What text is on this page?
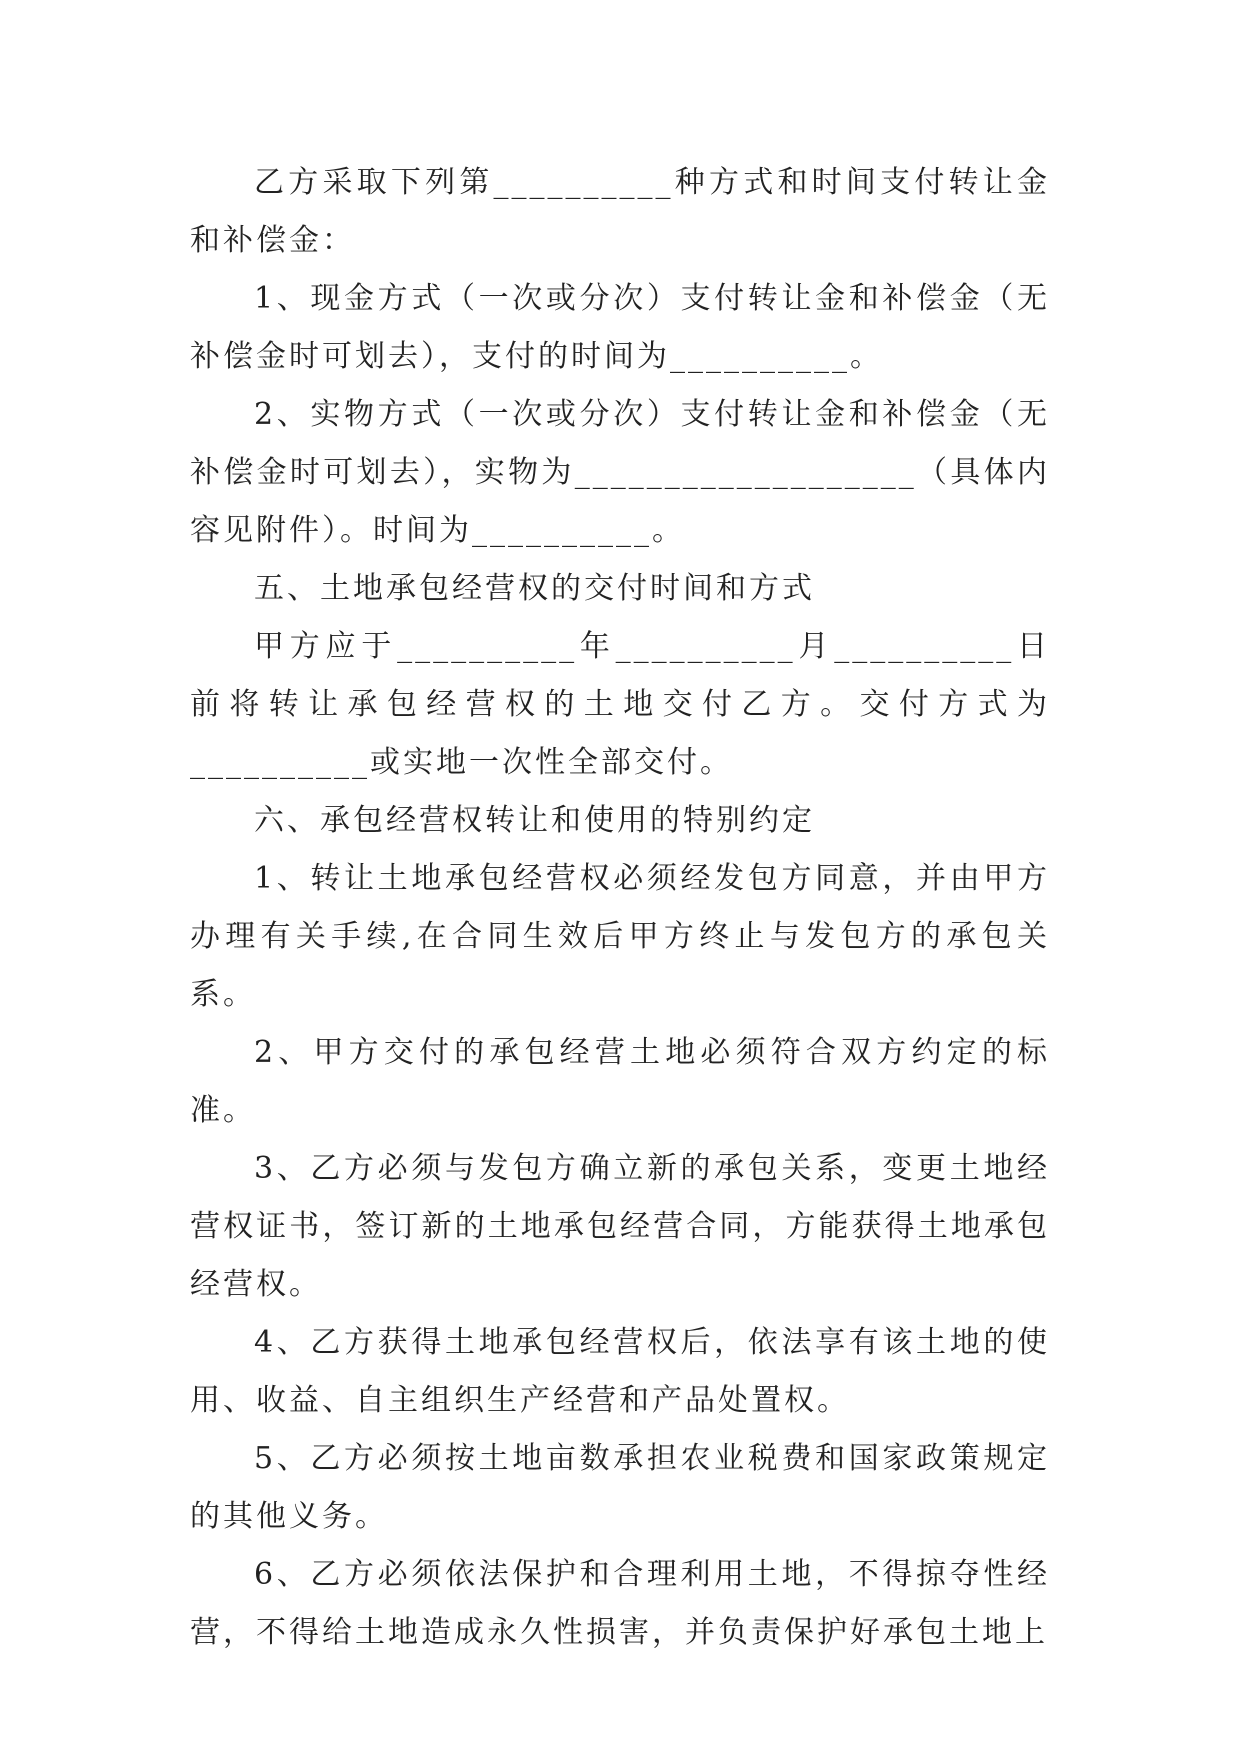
乙方采取下列第__________种方式和时间支付转让金和补偿金：

1、现金方式（一次或分次）支付转让金和补偿金（无补偿金时可划去），支付的时间为__________。

2、实物方式（一次或分次）支付转让金和补偿金（无补偿金时可划去），实物为___________________（具体内容见附件）。时间为__________。

五、土地承包经营权的交付时间和方式

甲方应于__________年__________月__________日前将转让承包经营权的土地交付乙方。交付方式为__________或实地一次性全部交付。

六、承包经营权转让和使用的特别约定

1、转让土地承包经营权必须经发包方同意，并由甲方办理有关手续,在合同生效后甲方终止与发包方的承包关系。

2、甲方交付的承包经营土地必须符合双方约定的标准。

3、乙方必须与发包方确立新的承包关系，变更土地经营权证书，签订新的土地承包经营合同，方能获得土地承包经营权。

4、乙方获得土地承包经营权后，依法享有该土地的使用、收益、自主组织生产经营和产品处置权。

5、乙方必须按土地亩数承担农业税费和国家政策规定的其他义务。

6、乙方必须依法保护和合理利用土地，不得掠夺性经营，不得给土地造成永久性损害，并负责保护好承包土地上
